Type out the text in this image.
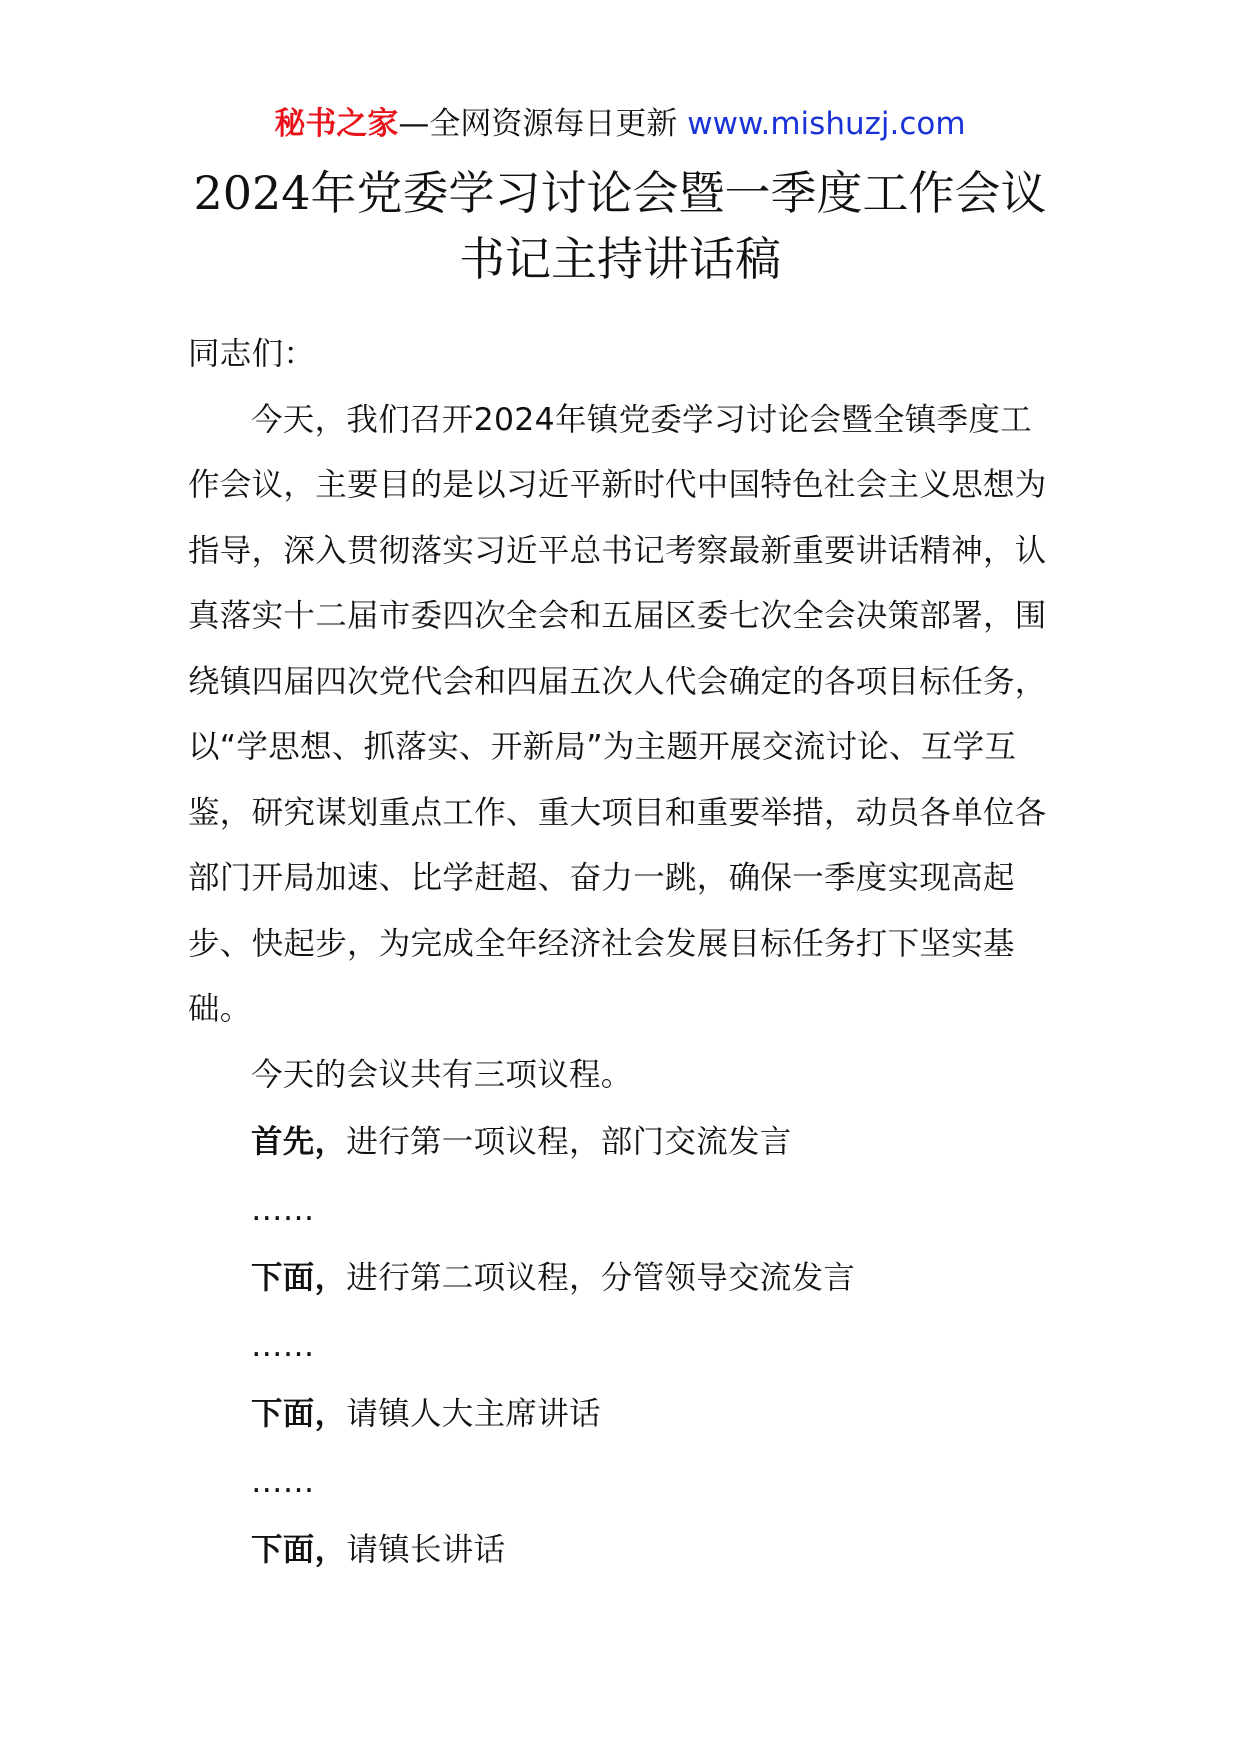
秘书之家—全网资源每日更新 www.mishuzj.com
2024年党委学习讨论会暨一季度工作会议
书记主持讲话稿

同志们：

今天，我们召开2024年镇党委学习讨论会暨全镇季度工作会议，主要目的是以习近平新时代中国特色社会主义思想为指导，深入贯彻落实习近平总书记考察最新重要讲话精神，认真落实十二届市委四次全会和五届区委七次全会决策部署，围绕镇四届四次党代会和四届五次人代会确定的各项目标任务，以“学思想、抓落实、开新局”为主题开展交流讨论、互学互鉴，研究谋划重点工作、重大项目和重要举措，动员各单位各部门开局加速、比学赶超、奋力一跳，确保一季度实现高起步、快起步，为完成全年经济社会发展目标任务打下坚实基础。

今天的会议共有三项议程。

首先，进行第一项议程，部门交流发言

……

下面，进行第二项议程，分管领导交流发言

……

下面，请镇人大主席讲话

……

下面，请镇长讲话
